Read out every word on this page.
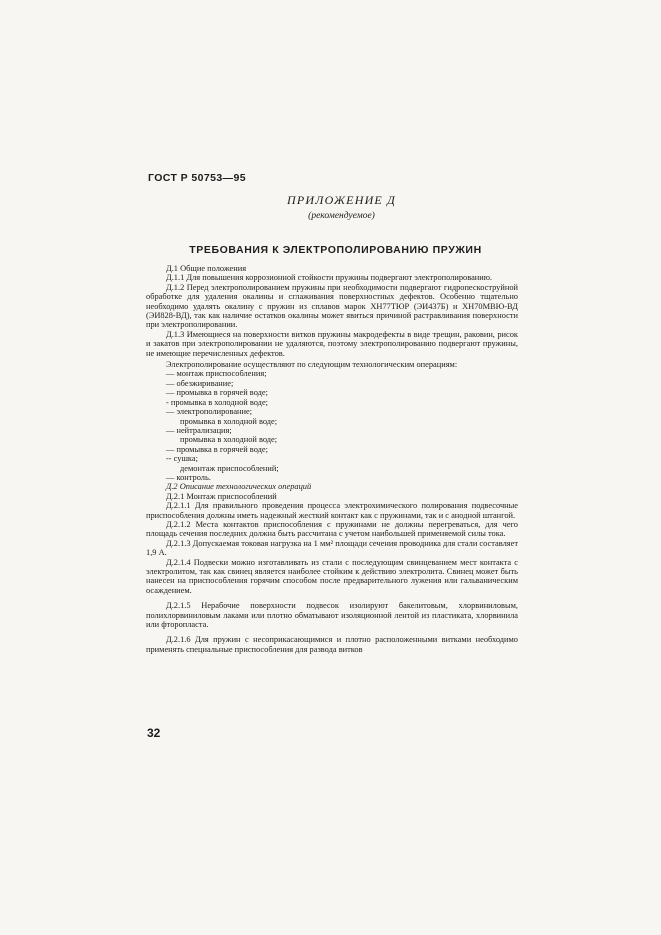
ГОСТ Р 50753—95
ПРИЛОЖЕНИЕ Д
(рекомендуемое)
ТРЕБОВАНИЯ К ЭЛЕКТРОПОЛИРОВАНИЮ ПРУЖИН

Д.1 Общие положения

Д.1.1 Для повышения коррозионной стойкости пружины подвергают электрополированию.

Д.1.2 Перед электрополированием пружины при необходимости подвергают гидропескоструйной обработке для удаления окалины и сглаживания поверхностных дефектов. Особенно тщательно необходимо удалять окалину с пружин из сплавов марок ХН77ТЮР (ЭИ437Б) и ХН70МВЮ-ВД (ЭИ828-ВД), так как наличие остатков окалины может явиться причиной растравливания поверхности при электрополировании.

Д.1.3 Имеющиеся на поверхности витков пружины макродефекты в виде трещин, раковин, рисок и закатов при электрополировании не удаляются, поэтому электрополированию подвергают пружины, не имеющие перечисленных дефектов.

Электрополирование осуществляют по следующим технологическим операциям:

— монтаж приспособления;
— обезжиривание;
— промывка в горячей воде;
- промывка в холодной воде;
— электрополирование;
промывка в холодной воде;
— нейтрализация;
промывка в холодной воде;
— промывка в горячей воде;
-- сушка;
демонтаж приспособлений;
— контроль.

Д.2 Описание технологических операций

Д.2.1 Монтаж приспособлений

Д.2.1.1 Для правильного проведения процесса электрохимического полирования подвесочные приспособления должны иметь надежный жесткий контакт как с пружинами, так и с анодной штангой.

Д.2.1.2 Места контактов приспособления с пружинами не должны перегреваться, для чего площадь сечения последних должна быть рассчитана с учетом наибольшей применяемой силы тока.

Д.2.1.3 Допускаемая токовая нагрузка на 1 мм² площади сечения проводника для стали составляет 1,9 А.

Д.2.1.4 Подвески можно изготавливать из стали с последующим свинцеванием мест контакта с электролитом, так как свинец является наиболее стойким к действию электролита. Свинец может быть нанесен на приспособления горячим способом после предварительного лужения или гальваническим осаждением.

Д.2.1.5 Нерабочие поверхности подвесок изолируют бакелитовым, хлорвиниловым, полихлорвиниловым лаками или плотно обматывают изоляционной лентой из пластиката, хлорвинила или фторопласта.

Д.2.1.6 Для пружин с несоприкасающимися и плотно расположенными витками необходимо применять специальные приспособления для развода витков

32
